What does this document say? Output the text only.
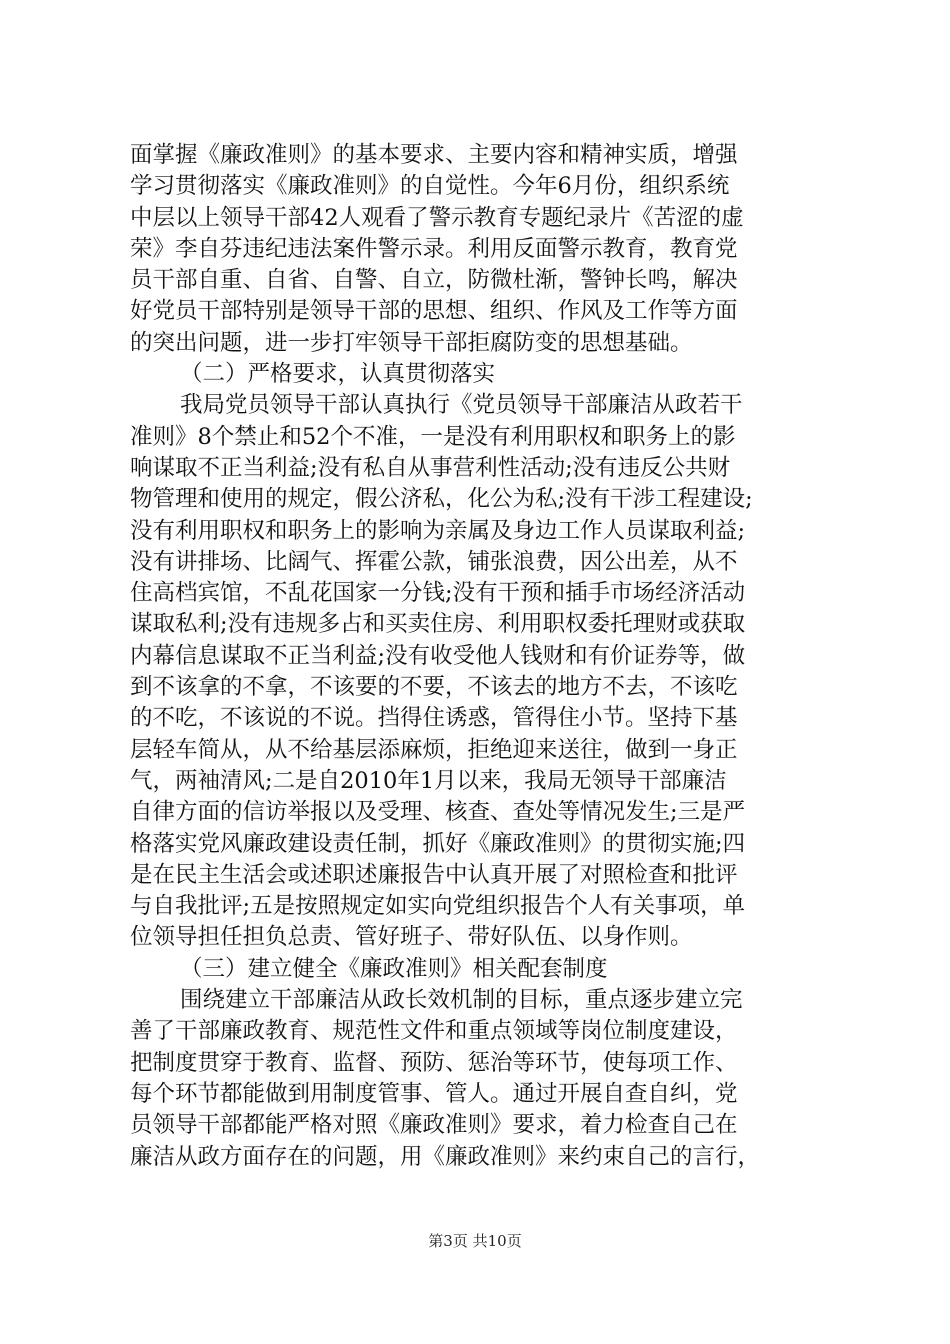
面掌握《廉政准则》的基本要求、主要内容和精神实质，增强
学习贯彻落实《廉政准则》的自觉性。今年6月份，组织系统
中层以上领导干部42人观看了警示教育专题纪录片《苦涩的虚
荣》李自芬违纪违法案件警示录。利用反面警示教育，教育党
员干部自重、自省、自警、自立，防微杜渐，警钟长鸣，解决
好党员干部特别是领导干部的思想、组织、作风及工作等方面
的突出问题，进一步打牢领导干部拒腐防变的思想基础。
（二）严格要求，认真贯彻落实
我局党员领导干部认真执行《党员领导干部廉洁从政若干
准则》8个禁止和52个不准，一是没有利用职权和职务上的影
响谋取不正当利益;没有私自从事营利性活动;没有违反公共财
物管理和使用的规定，假公济私，化公为私;没有干涉工程建设;
没有利用职权和职务上的影响为亲属及身边工作人员谋取利益;
没有讲排场、比阔气、挥霍公款，铺张浪费，因公出差，从不
住高档宾馆，不乱花国家一分钱;没有干预和插手市场经济活动
谋取私利;没有违规多占和买卖住房、利用职权委托理财或获取
内幕信息谋取不正当利益;没有收受他人钱财和有价证券等，做
到不该拿的不拿，不该要的不要，不该去的地方不去，不该吃
的不吃，不该说的不说。挡得住诱惑，管得住小节。坚持下基
层轻车简从，从不给基层添麻烦，拒绝迎来送往，做到一身正
气，两袖清风;二是自2010年1月以来，我局无领导干部廉洁
自律方面的信访举报以及受理、核查、查处等情况发生;三是严
格落实党风廉政建设责任制，抓好《廉政准则》的贯彻实施;四
是在民主生活会或述职述廉报告中认真开展了对照检查和批评
与自我批评;五是按照规定如实向党组织报告个人有关事项，单
位领导担任担负总责、管好班子、带好队伍、以身作则。
（三）建立健全《廉政准则》相关配套制度
围绕建立干部廉洁从政长效机制的目标，重点逐步建立完
善了干部廉政教育、规范性文件和重点领域等岗位制度建设，
把制度贯穿于教育、监督、预防、惩治等环节，使每项工作、
每个环节都能做到用制度管事、管人。通过开展自查自纠，党
员领导干部都能严格对照《廉政准则》要求，着力检查自己在
廉洁从政方面存在的问题，用《廉政准则》来约束自己的言行，
第3页 共10页
